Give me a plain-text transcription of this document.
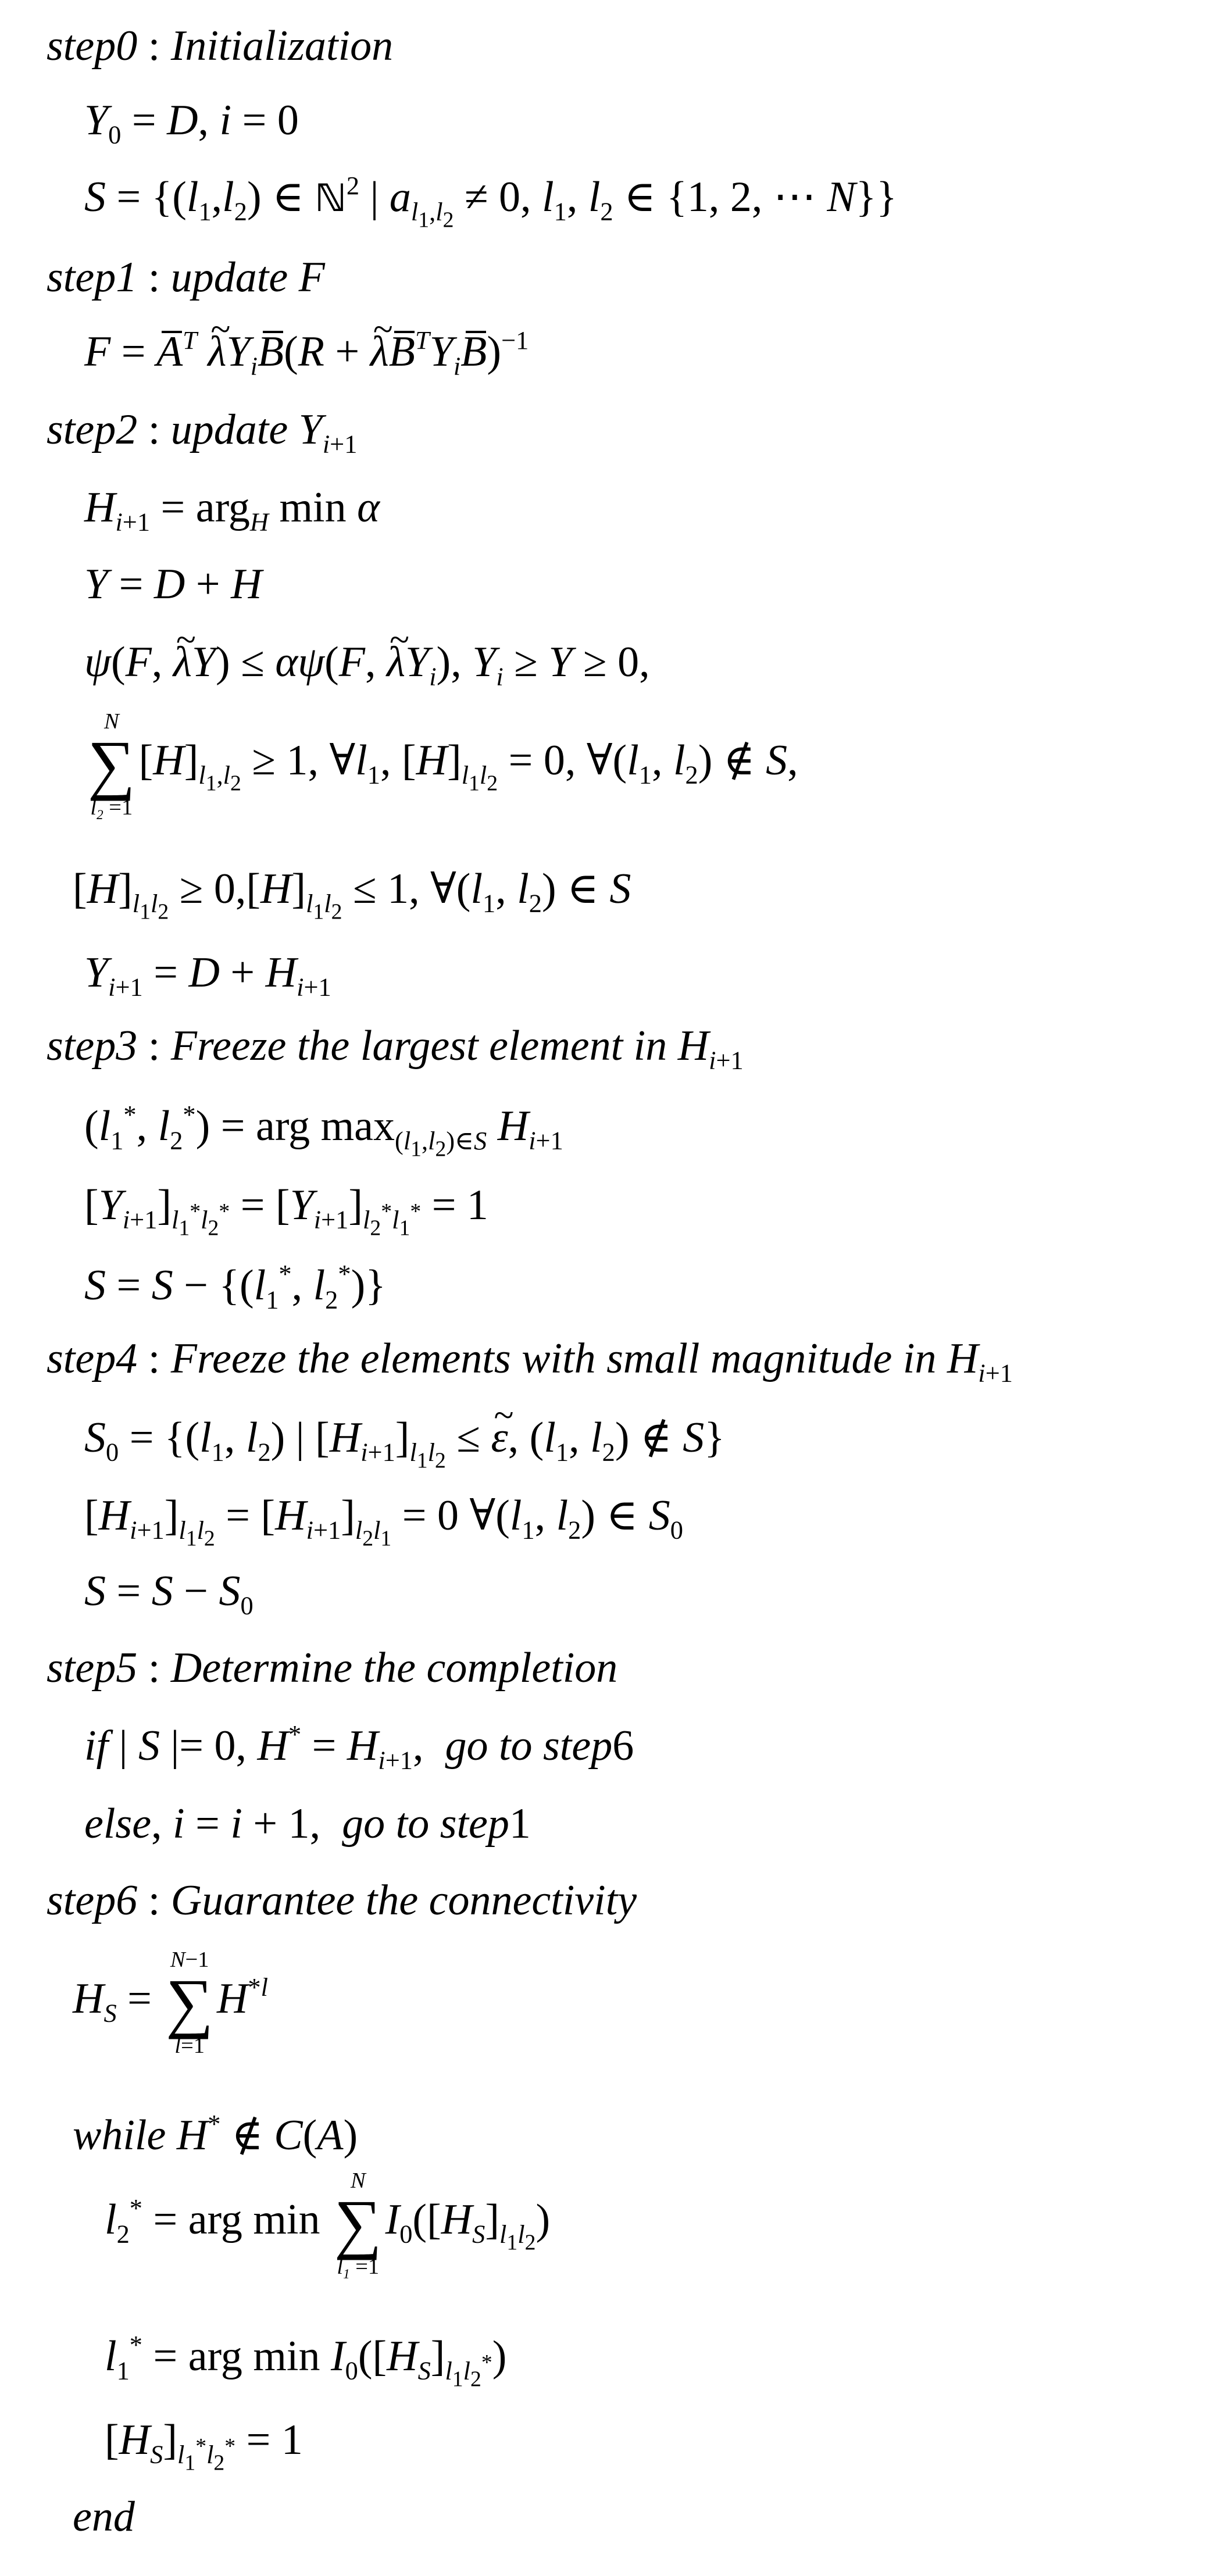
step0 : Initialization
$Y_0 = D$, i = 0
$S = \{(l_1,l_2)$ ∈ ℕ$^2$ | $a_{l_1,l_2} \ne 0$, $l_1$, $l_2$ ∈ {1, 2, ⋯ N}}
step1 : update F
$F = A^T$ ~ $\lambda Y_iB(R$ + ~ $\lambda B^TY_iB)^{-1}$
step2 : update $Y_{i+1}$
$H_{i+1} = arg_H$ min α
Y = D + H
ψ(F, ~ λY) ≤ αψ(F, ~ $\lambda Y_i$), $Y_i \ge Y \ge 0$,
N
∑
$l_2 =1$
$[H]_{l_1,l_2} \ge 1$, $\forall l_1$, $[H]_{l_1l_2} = 0$, $\forall(l_1$, $l_2$) ∉ S,
$[H]_{l_1l_2} \ge 0,[H]_{l_1l_2} \le 1$, $\forall(l_1$, $l_2$) ∈ S
$Y_{i+1} = D + H_{i+1}$
step3 : Freeze the largest element in $H_{i+1}$
($l_1^*$, $l_2^*$) = arg $\max_{(l_1,l_2)\in S} H_{i+1}$
$[Y_{i+1}]_{l_1^*l_2^*} = [Y_{i+1}]_{l_2^*l_1^*} = 1$
$S = S - \{(l_1^*$, $l_2^*$)}
step4 : Freeze the elements with small magnitude in $H_{i+1}$
$S_0 = \{(l_1$, $l_2$) | $[H_{i+1}]_{l_1l_2}$ ≤ ~ ε, ($l_1$, $l_2$) ∉ S}
$[H_{i+1}]_{l_1l_2} = [H_{i+1}]_{l_2l_1} = 0$ $\forall(l_1$, $l_2$) ∈ $S_0$
$S = S - S_0$
step5 : Determine the completion
if | S |= 0, $H^* = H_{i+1}$,  go to step6
else, i = i + 1,  go to step1
step6 : Guarantee the connectivity
$H_S$ =
N−1
∑
l=1
$H^{*l}$
while H* ∉ C(A)
$l_2^*$ = arg min
N
∑
$l_1 =1$
$I_0([H_S]_{l_1l_2})$
$l_1^*$ = arg $\min I_0([H_S]_{l_1l_2^*})$
$[H_S]_{l_1^*l_2^*} = 1$
end
